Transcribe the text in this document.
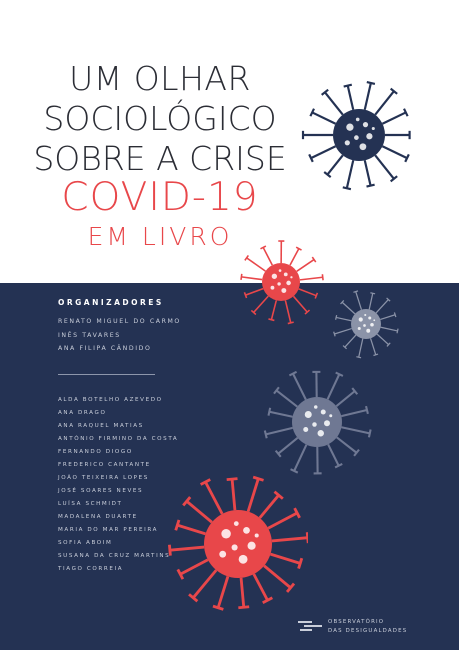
UM OLHAR
SOCIOLÓGICO
SOBRE A CRISE
COVID-19
EM LIVRO
ORGANIZADORES
RENATO MIGUEL DO CARMO
INÊS TAVARES
ANA FILIPA CÂNDIDO
ALDA BOTELHO AZEVEDO
ANA DRAGO
ANA RAQUEL MATIAS
ANTÓNIO FIRMINO DA COSTA
FERNANDO DIOGO
FREDERICO CANTANTE
JOÃO TEIXEIRA LOPES
JOSÉ SOARES NEVES
LUÍSA SCHMIDT
MADALENA DUARTE
MARIA DO MAR PEREIRA
SOFIA ABOIM
SUSANA DA CRUZ MARTINS
TIAGO CORREIA
OBSERVATÓRIO
DAS DESIGUALDADES
